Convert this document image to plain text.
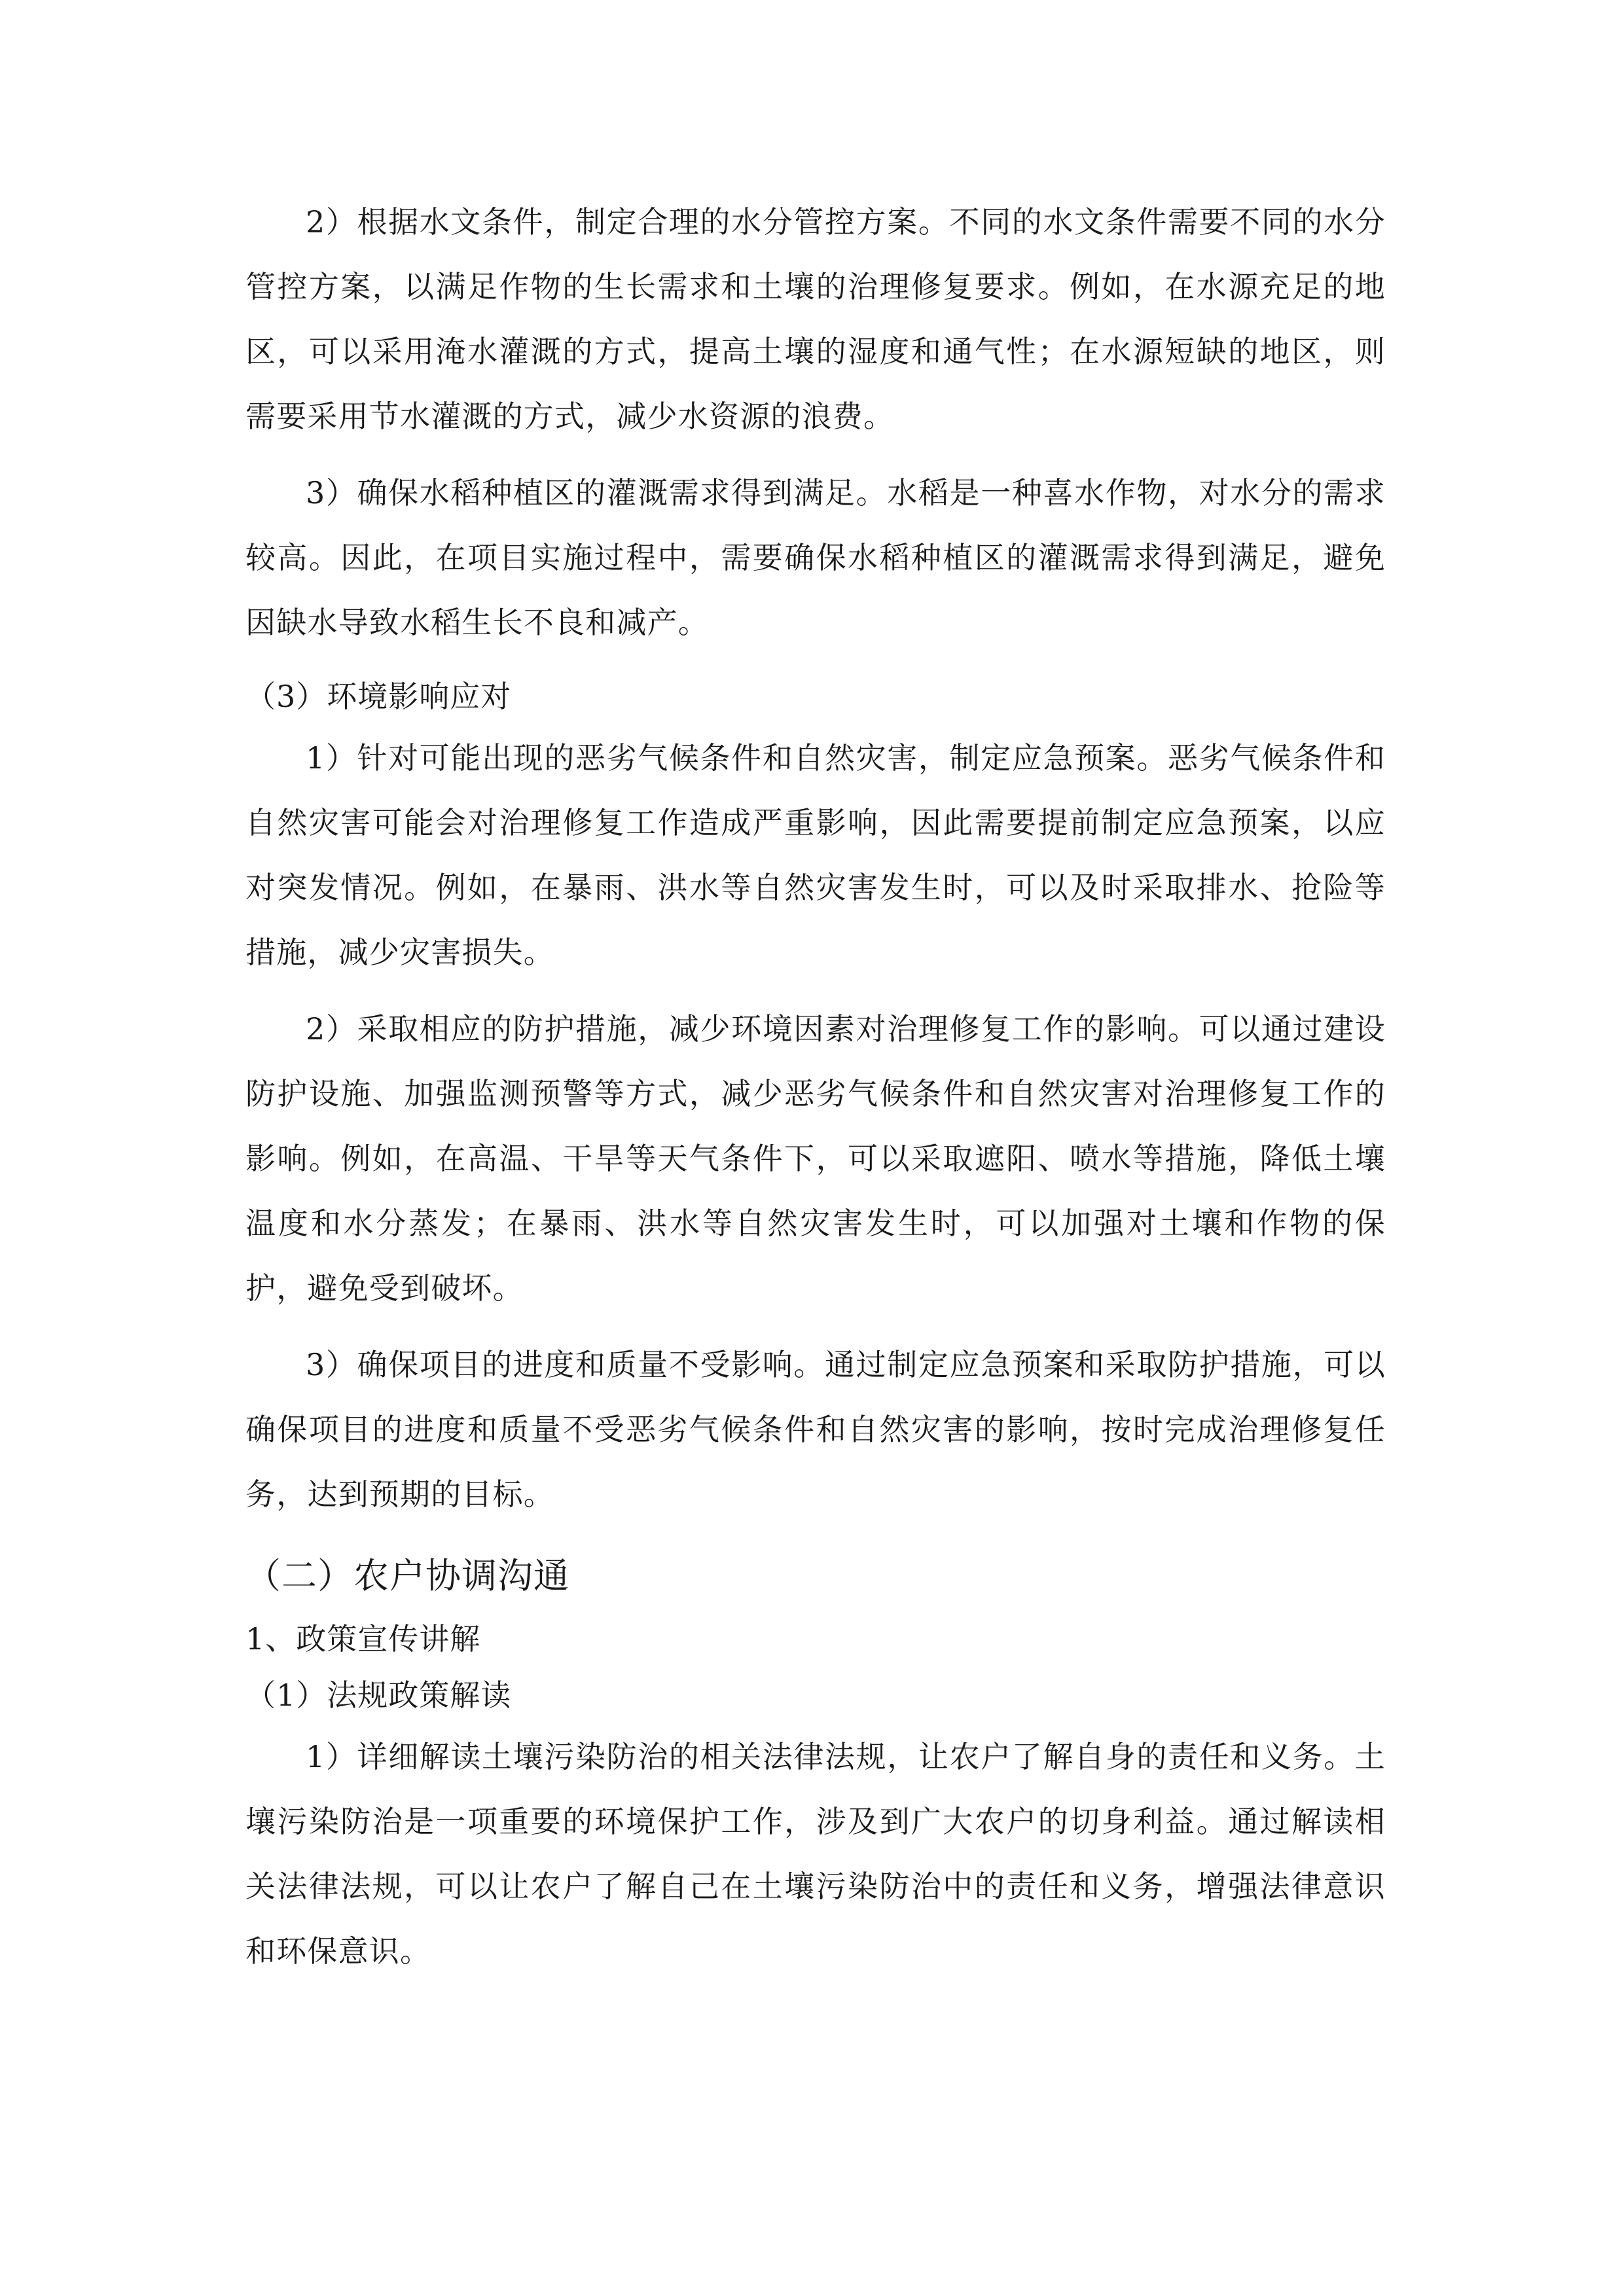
2）根据水文条件，制定合理的水分管控方案。不同的水文条件需要不同的水分管控方案，以满足作物的生长需求和土壤的治理修复要求。例如，在水源充足的地区，可以采用淹水灌溉的方式，提高土壤的湿度和通气性；在水源短缺的地区，则需要采用节水灌溉的方式，减少水资源的浪费。

3）确保水稻种植区的灌溉需求得到满足。水稻是一种喜水作物，对水分的需求较高。因此，在项目实施过程中，需要确保水稻种植区的灌溉需求得到满足，避免因缺水导致水稻生长不良和减产。

（3）环境影响应对

1）针对可能出现的恶劣气候条件和自然灾害，制定应急预案。恶劣气候条件和自然灾害可能会对治理修复工作造成严重影响，因此需要提前制定应急预案，以应对突发情况。例如，在暴雨、洪水等自然灾害发生时，可以及时采取排水、抢险等措施，减少灾害损失。

2）采取相应的防护措施，减少环境因素对治理修复工作的影响。可以通过建设防护设施、加强监测预警等方式，减少恶劣气候条件和自然灾害对治理修复工作的影响。例如，在高温、干旱等天气条件下，可以采取遮阳、喷水等措施，降低土壤温度和水分蒸发；在暴雨、洪水等自然灾害发生时，可以加强对土壤和作物的保护，避免受到破坏。

3）确保项目的进度和质量不受影响。通过制定应急预案和采取防护措施，可以确保项目的进度和质量不受恶劣气候条件和自然灾害的影响，按时完成治理修复任务，达到预期的目标。

（二）农户协调沟通

1、政策宣传讲解

（1）法规政策解读

1）详细解读土壤污染防治的相关法律法规，让农户了解自身的责任和义务。土壤污染防治是一项重要的环境保护工作，涉及到广大农户的切身利益。通过解读相关法律法规，可以让农户了解自己在土壤污染防治中的责任和义务，增强法律意识和环保意识。
